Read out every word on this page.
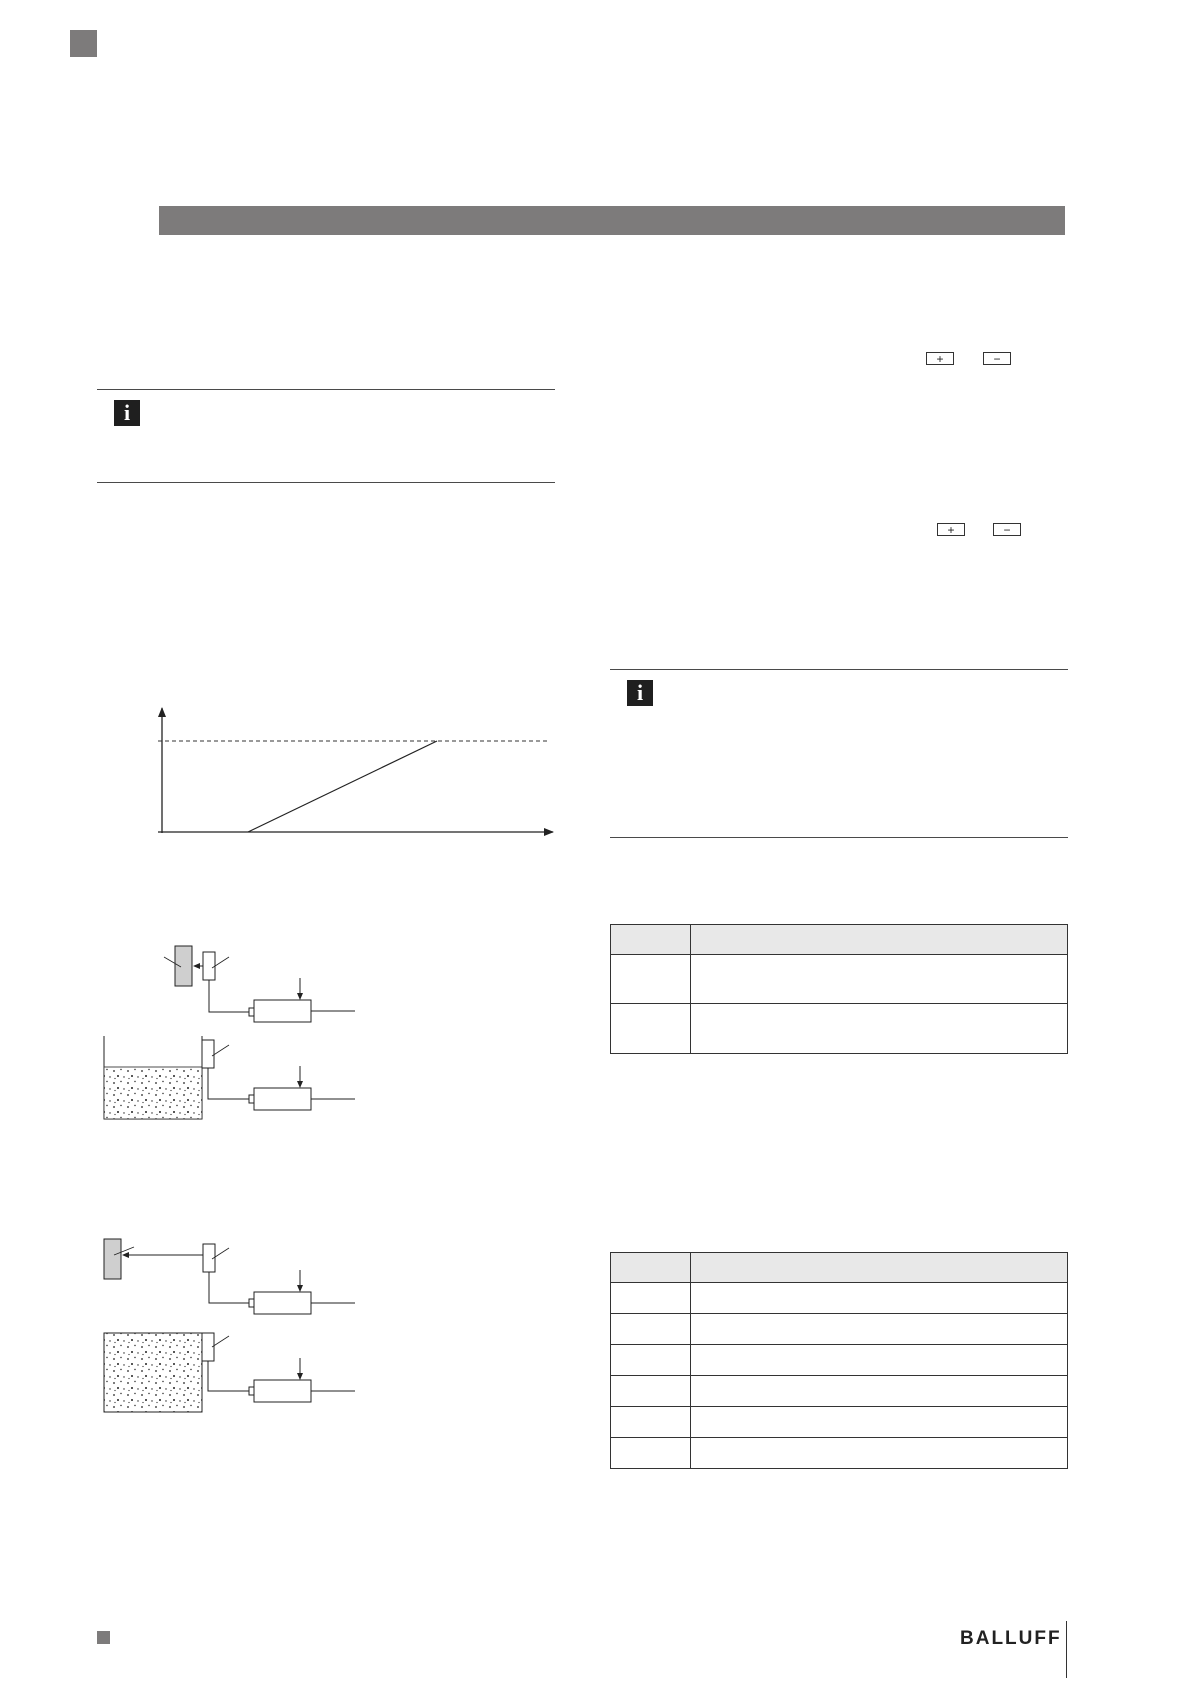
i
+	−
+	−
i

BALLUFF
